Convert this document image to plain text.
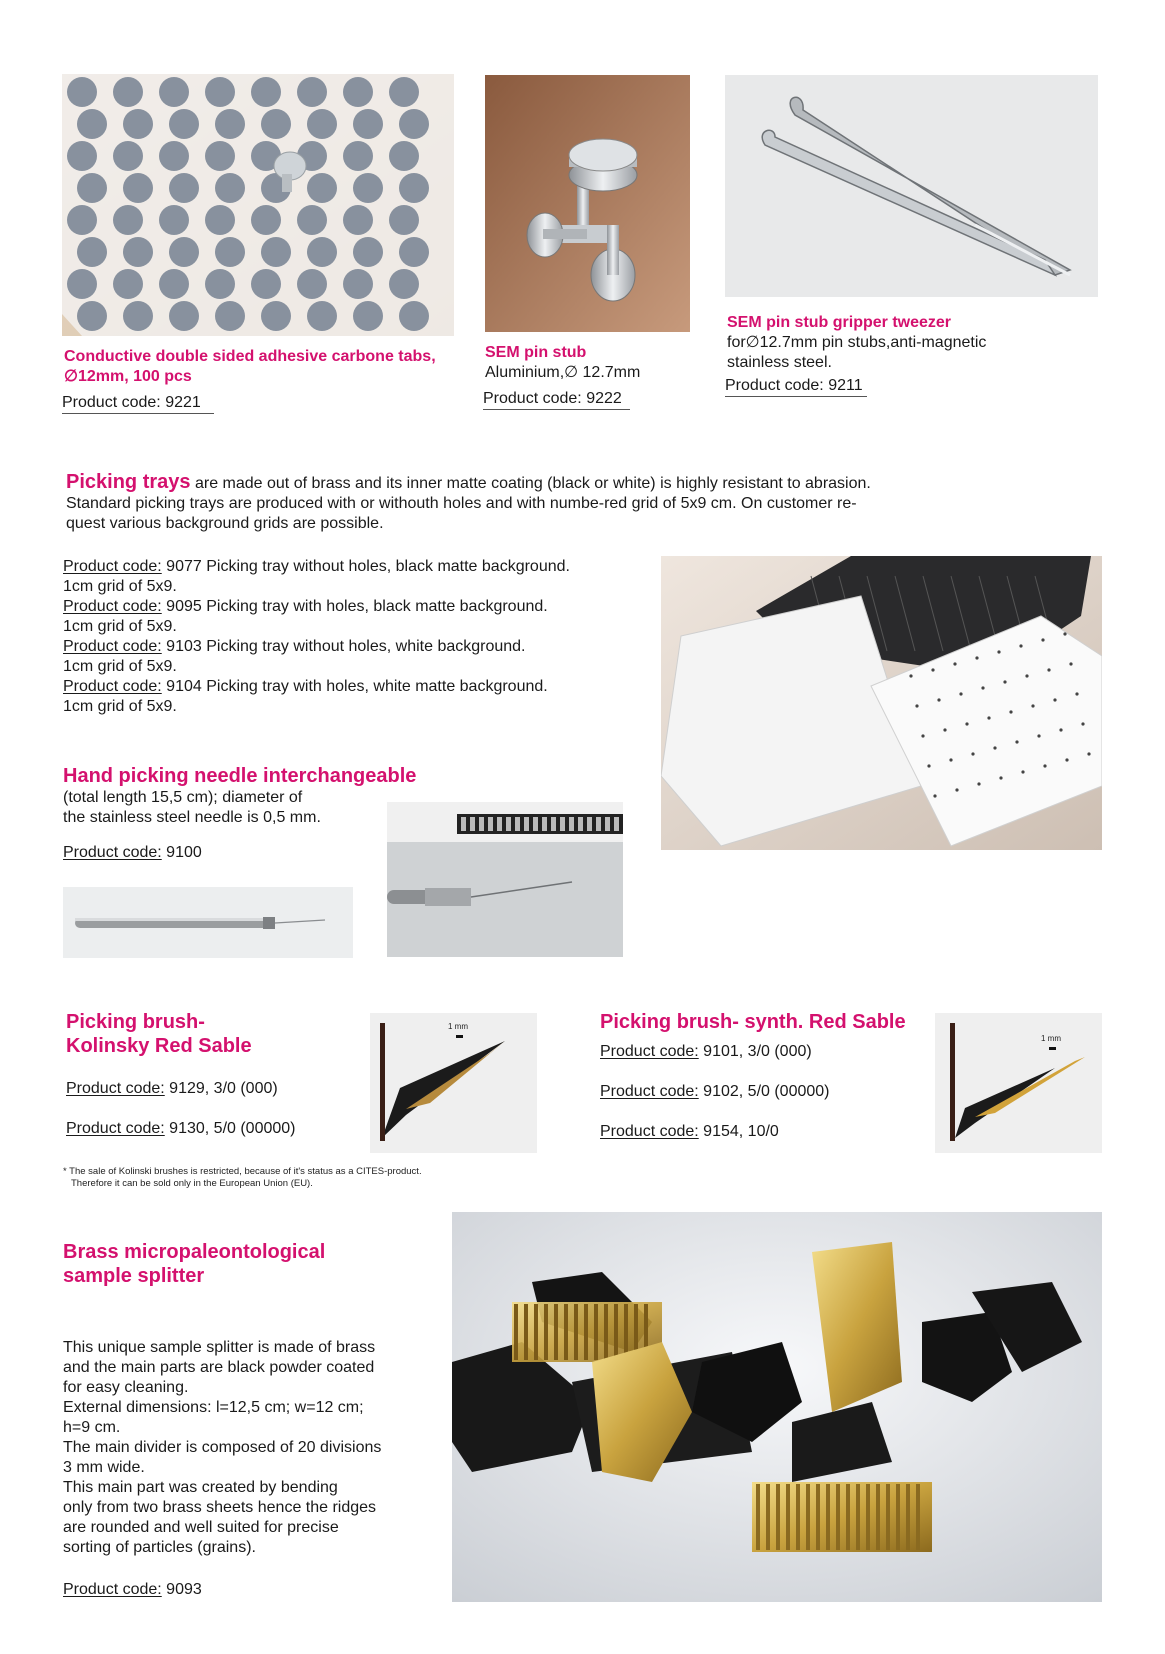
Conductive double sided adhesive carbone tabs, ∅12mm, 100 pcs
Product code: 9221
SEM pin stub
Aluminium,∅ 12.7mm
Product code: 9222
SEM pin stub gripper tweezer
for∅12.7mm pin stubs,anti-magnetic
stainless steel.
Product code: 9211
Picking trays are made out of brass and its inner matte coating (black or white) is highly resistant to abrasion.
Standard picking trays are produced with or withouth holes and with numbe-red grid of 5x9 cm. On customer re-
quest various background grids are possible.
Product code: 9077 Picking tray without holes, black matte background.
1cm grid of 5x9.
Product code: 9095 Picking tray with holes, black matte background.
1cm grid of 5x9.
Product code: 9103 Picking tray without holes, white background.
1cm grid of 5x9.
Product code: 9104 Picking tray with holes, white matte background.
1cm grid of 5x9.
Hand picking needle interchangeable
(total length 15,5 cm); diameter of
the stainless steel needle is 0,5 mm.
Product code: 9100
Picking brush-
Kolinsky Red Sable
Product code: 9129, 3/0 (000)
Product code: 9130, 5/0 (00000)
1 mm	Picking brush- synth. Red Sable
Product code: 9101, 3/0 (000)
Product code: 9102, 5/0 (00000)
Product code: 9154, 10/0
1 mm
* The sale of Kolinski brushes is restricted, because of it's status as a CITES-product.
Therefore it can be sold only in the European Union (EU).
Brass micropaleontological
sample splitter
This unique sample splitter is made of brass
and the main parts are black powder coated
for easy cleaning.
External dimensions: l=12,5 cm; w=12 cm;
h=9 cm.
The main divider is composed of 20 divisions
3 mm wide.
This main part was created by bending
only from two brass sheets hence the ridges
are rounded and well suited for precise
sorting of particles (grains).
Product code: 9093
